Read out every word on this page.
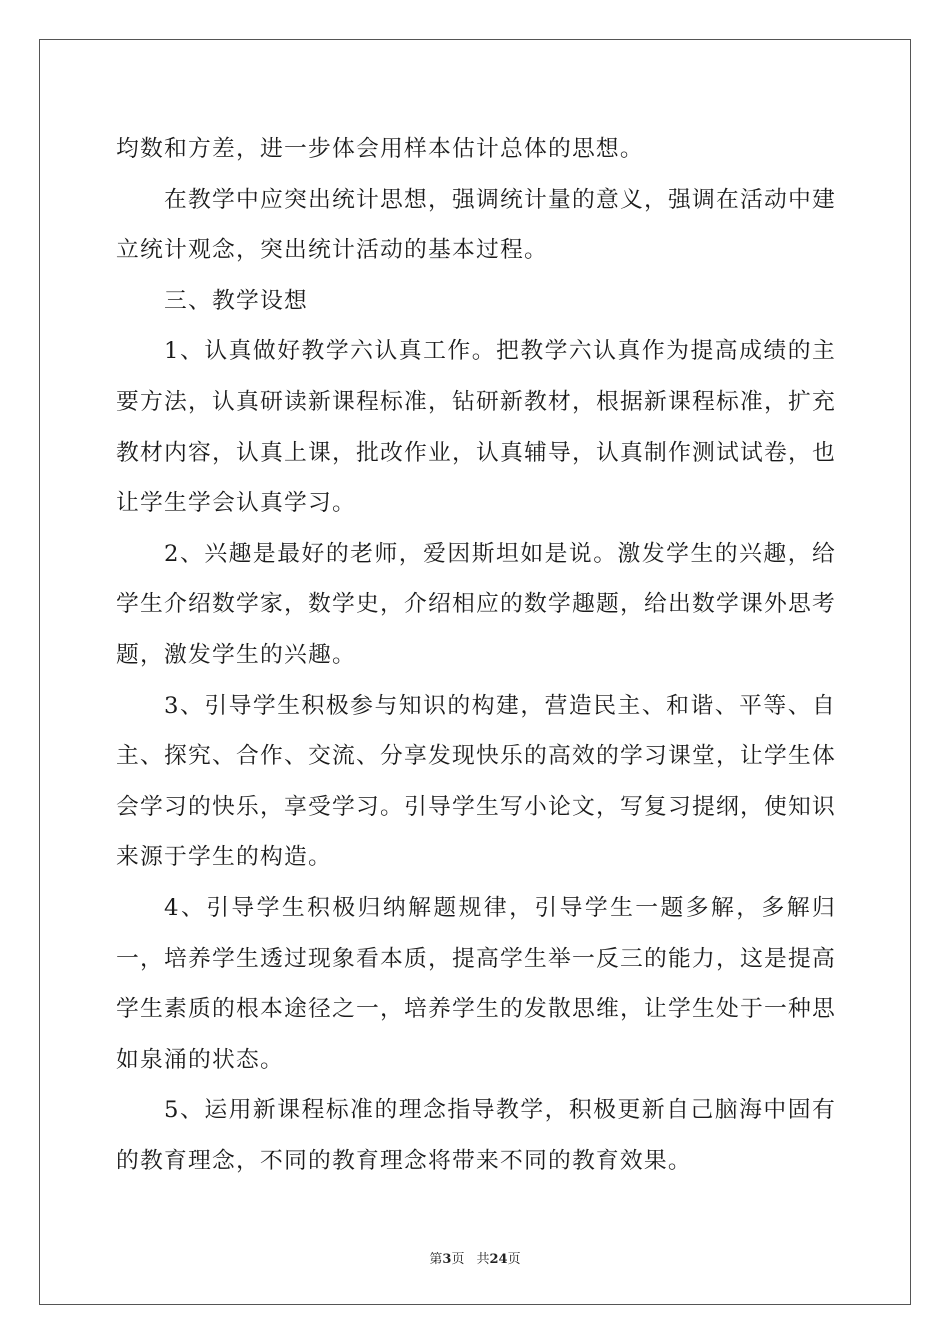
均数和方差，进一步体会用样本估计总体的思想。

在教学中应突出统计思想，强调统计量的意义，强调在活动中建立统计观念，突出统计活动的基本过程。

三、教学设想

1、认真做好教学六认真工作。把教学六认真作为提高成绩的主要方法，认真研读新课程标准，钻研新教材，根据新课程标准，扩充教材内容，认真上课，批改作业，认真辅导，认真制作测试试卷，也让学生学会认真学习。

2、兴趣是最好的老师，爱因斯坦如是说。激发学生的兴趣，给学生介绍数学家，数学史，介绍相应的数学趣题，给出数学课外思考题，激发学生的兴趣。

3、引导学生积极参与知识的构建，营造民主、和谐、平等、自主、探究、合作、交流、分享发现快乐的高效的学习课堂，让学生体会学习的快乐，享受学习。引导学生写小论文，写复习提纲，使知识来源于学生的构造。

4、引导学生积极归纳解题规律，引导学生一题多解，多解归一，培养学生透过现象看本质，提高学生举一反三的能力，这是提高学生素质的根本途径之一，培养学生的发散思维，让学生处于一种思如泉涌的状态。

5、运用新课程标准的理念指导教学，积极更新自己脑海中固有的教育理念，不同的教育理念将带来不同的教育效果。

第3页 共24页
